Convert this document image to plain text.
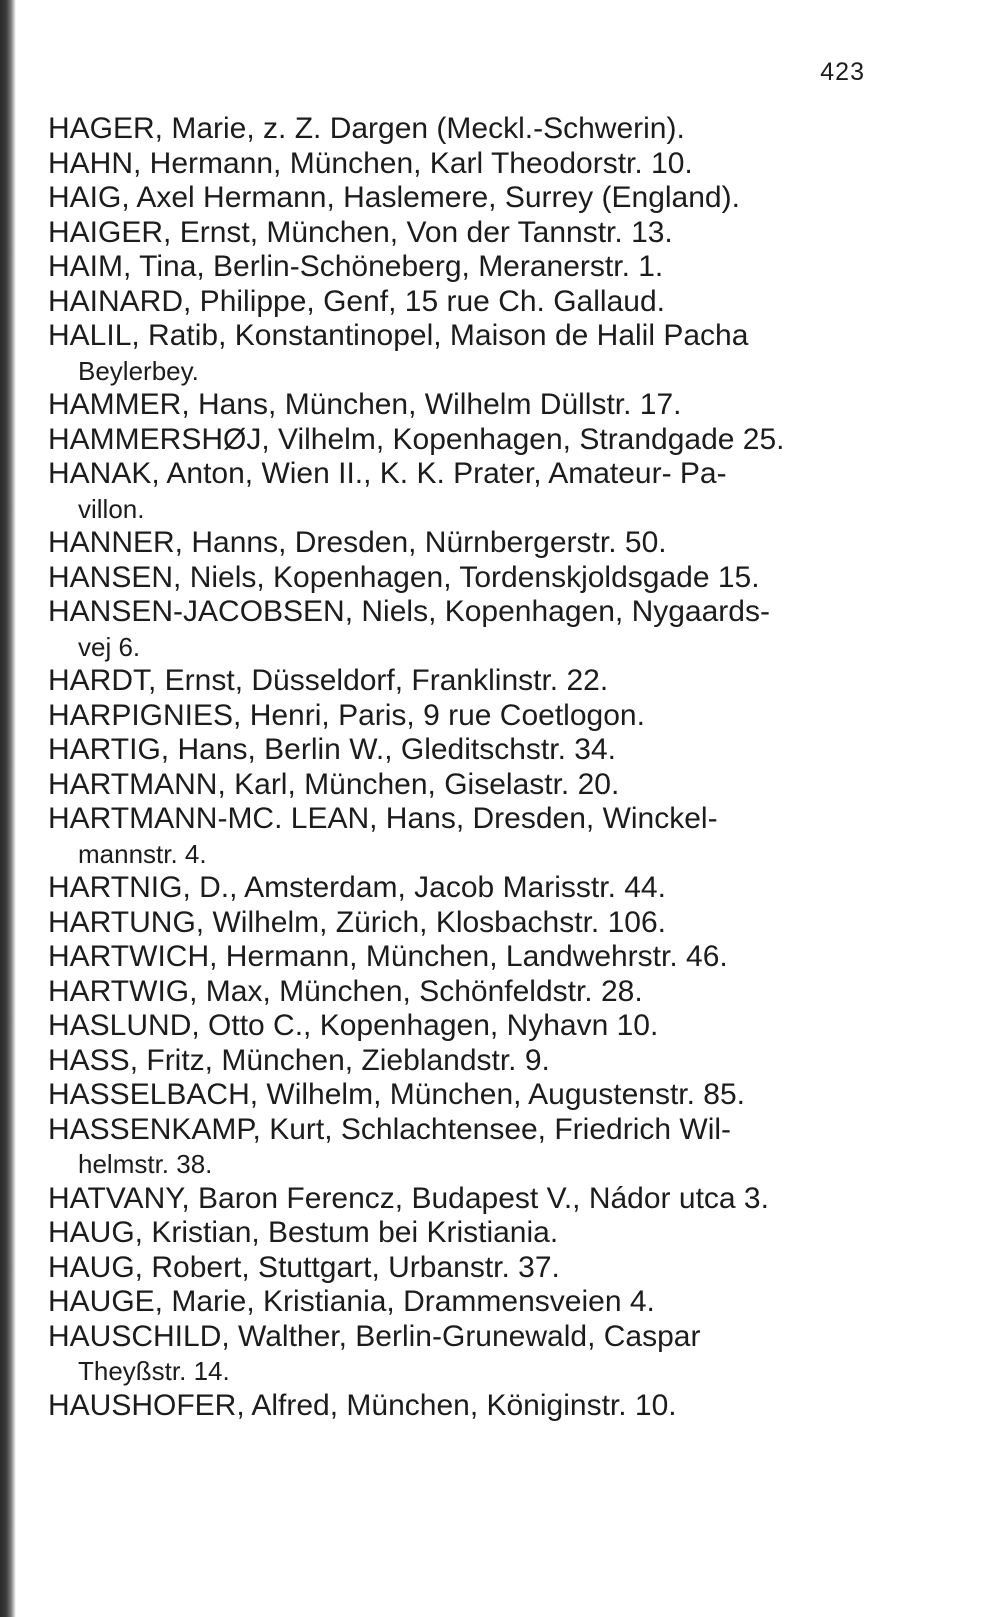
423
HAGER, Marie, z. Z. Dargen (Meckl.-Schwerin).
HAHN, Hermann, München, Karl Theodorstr. 10.
HAIG, Axel Hermann, Haslemere, Surrey (England).
HAIGER, Ernst, München, Von der Tannstr. 13.
HAIM, Tina, Berlin-Schöneberg, Meranerstr. 1.
HAINARD, Philippe, Genf, 15 rue Ch. Gallaud.
HALIL, Ratib, Konstantinopel, Maison de Halil Pacha
Beylerbey.
HAMMER, Hans, München, Wilhelm Düllstr. 17.
HAMMERSHØJ, Vilhelm, Kopenhagen, Strandgade 25.
HANAK, Anton, Wien II., K. K. Prater, Amateur- Pa-
villon.
HANNER, Hanns, Dresden, Nürnbergerstr. 50.
HANSEN, Niels, Kopenhagen, Tordenskjoldsgade 15.
HANSEN-JACOBSEN, Niels, Kopenhagen, Nygaards-
vej 6.
HARDT, Ernst, Düsseldorf, Franklinstr. 22.
HARPIGNIES, Henri, Paris, 9 rue Coetlogon.
HARTIG, Hans, Berlin W., Gleditschstr. 34.
HARTMANN, Karl, München, Giselastr. 20.
HARTMANN-MC. LEAN, Hans, Dresden, Winckel-
mannstr. 4.
HARTNIG, D., Amsterdam, Jacob Marisstr. 44.
HARTUNG, Wilhelm, Zürich, Klosbachstr. 106.
HARTWICH, Hermann, München, Landwehrstr. 46.
HARTWIG, Max, München, Schönfeldstr. 28.
HASLUND, Otto C., Kopenhagen, Nyhavn 10.
HASS, Fritz, München, Zieblandstr. 9.
HASSELBACH, Wilhelm, München, Augustenstr. 85.
HASSENKAMP, Kurt, Schlachtensee, Friedrich Wil-
helmstr. 38.
HATVANY, Baron Ferencz, Budapest V., Nádor utca 3.
HAUG, Kristian, Bestum bei Kristiania.
HAUG, Robert, Stuttgart, Urbanstr. 37.
HAUGE, Marie, Kristiania, Drammensveien 4.
HAUSCHILD, Walther, Berlin-Grunewald, Caspar
Theyßstr. 14.
HAUSHOFER, Alfred, München, Königinstr. 10.
